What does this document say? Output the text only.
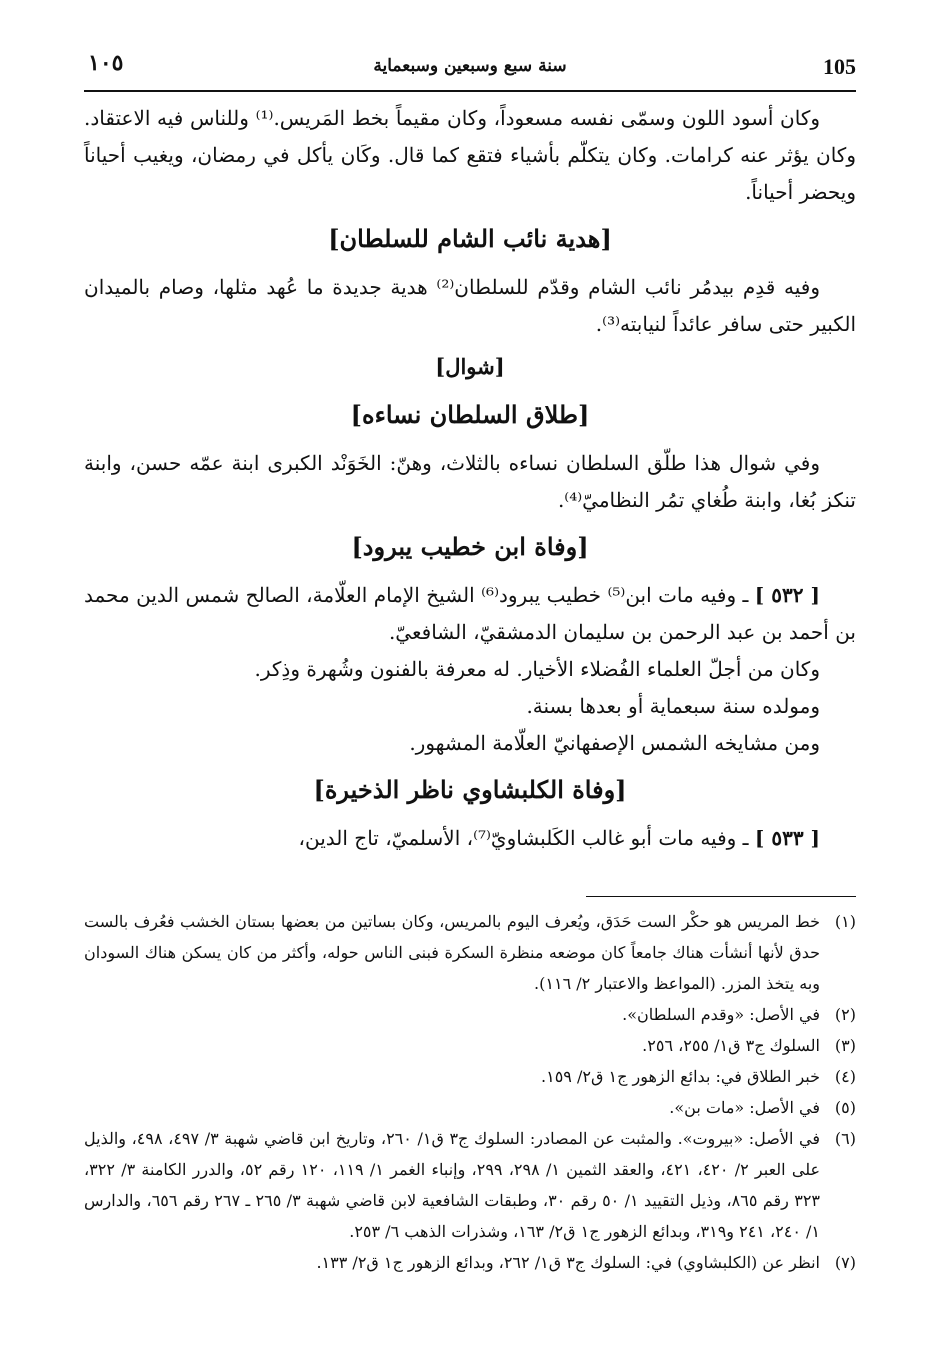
105
سنة سبع وسبعين وسبعماية
١٠٥

وكان أسود اللون وسمّى نفسه مسعوداً، وكان مقيماً بخط المَريس.⁽¹⁾ وللناس فيه الاعتقاد. وكان يؤثر عنه كرامات. وكان يتكلّم بأشياء فتقع كما قال. وكَان يأكل في رمضان، ويغيب أحياناً ويحضر أحياناً.

[هدية نائب الشام للسلطان]

وفيه قدِم بيدمُر نائب الشام وقدّم للسلطان⁽²⁾ هدية جديدة ما عُهد مثلها، وصام بالميدان الكبير حتى سافر عائداً لنيابته⁽³⁾.

[شوال]
[طلاق السلطان نساءه]

وفي شوال هذا طلّق السلطان نساءه بالثلاث، وهنّ: الخَوَنْد الكبرى ابنة عمّه حسن، وابنة تنكز بُغا، وابنة طُغاي تمُر النظاميّ⁽⁴⁾.

[وفاة ابن خطيب يبرود]

[ ٥٣٢ ] ـ وفيه مات ابن⁽⁵⁾ خطيب يبرود⁽⁶⁾ الشيخ الإمام العلّامة، الصالح شمس الدين محمد بن أحمد بن عبد الرحمن بن سليمان الدمشقيّ، الشافعيّ.

وكان من أجلّ العلماء الفُضلاء الأخيار. له معرفة بالفنون وشُهرة وذِكر.

ومولده سنة سبعماية أو بعدها بسنة.

ومن مشايخه الشمس الإصفهانيّ العلّامة المشهور.

[وفاة الكلبشاوي ناظر الذخيرة]

[ ٥٣٣ ] ـ وفيه مات أبو غالب الكَلبشاويّ⁽⁷⁾، الأسلميّ، تاج الدين،

(١)
خط المريس هو حكْر الست حَدَق، ويُعرف اليوم بالمريس، وكان بساتين من بعضها بستان الخشب فعُرف بالست حدق لأنها أنشأت هناك جامعاً كان موضعه منظرة السكرة فبنى الناس حوله، وأكثر من كان يسكن هناك السودان وبه يتخذ المزر. (المواعظ والاعتبار ٢/ ١١٦).
(٢)
في الأصل: «وقدم السلطان».
(٣)
السلوك ج٣ ق١/ ٢٥٥، ٢٥٦.
(٤)
خبر الطلاق في: بدائع الزهور ج١ ق٢/ ١٥٩.
(٥)
في الأصل: «مات بن».
(٦)
في الأصل: «بيروت». والمثبت عن المصادر: السلوك ج٣ ق١/ ٢٦٠، وتاريخ ابن قاضي شهبة ٣/ ٤٩٧، ٤٩٨، والذيل على العبر ٢/ ٤٢٠، ٤٢١، والعقد الثمين ١/ ٢٩٨، ٢٩٩، وإنباء الغمر ١/ ١١٩، ١٢٠ رقم ٥٢، والدرر الكامنة ٣/ ٣٢٢، ٣٢٣ رقم ٨٦٥، وذيل التقييد ١/ ٥٠ رقم ٣٠، وطبقات الشافعية لابن قاضي شهبة ٣/ ٢٦٥ ـ ٢٦٧ رقم ٦٥٦، والدارس ١/ ٢٤٠، ٢٤١ و٣١٩، وبدائع الزهور ج١ ق٢/ ١٦٣، وشذرات الذهب ٦/ ٢٥٣.
(٧)
انظر عن (الكلبشاوي) في: السلوك ج٣ ق١/ ٢٦٢، وبدائع الزهور ج١ ق٢/ ١٣٣.
